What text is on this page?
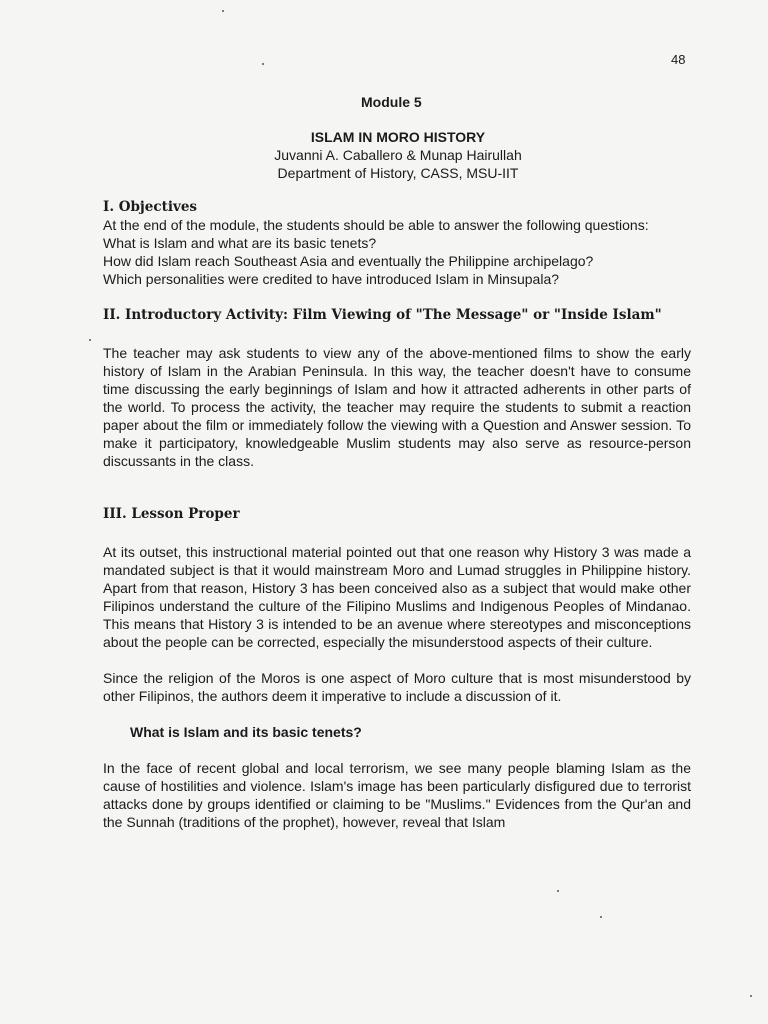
48
Module 5
ISLAM IN MORO HISTORY
Juvanni A. Caballero & Munap Hairullah
Department of History, CASS, MSU-IIT

I. Objectives

At the end of the module, the students should be able to answer the following questions:

What is Islam and what are its basic tenets?

How did Islam reach Southeast Asia and eventually the Philippine archipelago?

Which personalities were credited to have introduced Islam in Minsupala?

II. Introductory Activity: Film Viewing of "The Message" or "Inside Islam"

The teacher may ask students to view any of the above-mentioned films to show the early history of Islam in the Arabian Peninsula. In this way, the teacher doesn't have to consume time discussing the early beginnings of Islam and how it attracted adherents in other parts of the world. To process the activity, the teacher may require the students to submit a reaction paper about the film or immediately follow the viewing with a Question and Answer session. To make it participatory, knowledgeable Muslim students may also serve as resource-person discussants in the class.

III. Lesson Proper

At its outset, this instructional material pointed out that one reason why History 3 was made a mandated subject is that it would mainstream Moro and Lumad struggles in Philippine history. Apart from that reason, History 3 has been conceived also as a subject that would make other Filipinos understand the culture of the Filipino Muslims and Indigenous Peoples of Mindanao. This means that History 3 is intended to be an avenue where stereotypes and misconceptions about the people can be corrected, especially the misunderstood aspects of their culture.

Since the religion of the Moros is one aspect of Moro culture that is most misunderstood by other Filipinos, the authors deem it imperative to include a discussion of it.

What is Islam and its basic tenets?

In the face of recent global and local terrorism, we see many people blaming Islam as the cause of hostilities and violence. Islam's image has been particularly disfigured due to terrorist attacks done by groups identified or claiming to be "Muslims." Evidences from the Qur'an and the Sunnah (traditions of the prophet), however, reveal that Islam
